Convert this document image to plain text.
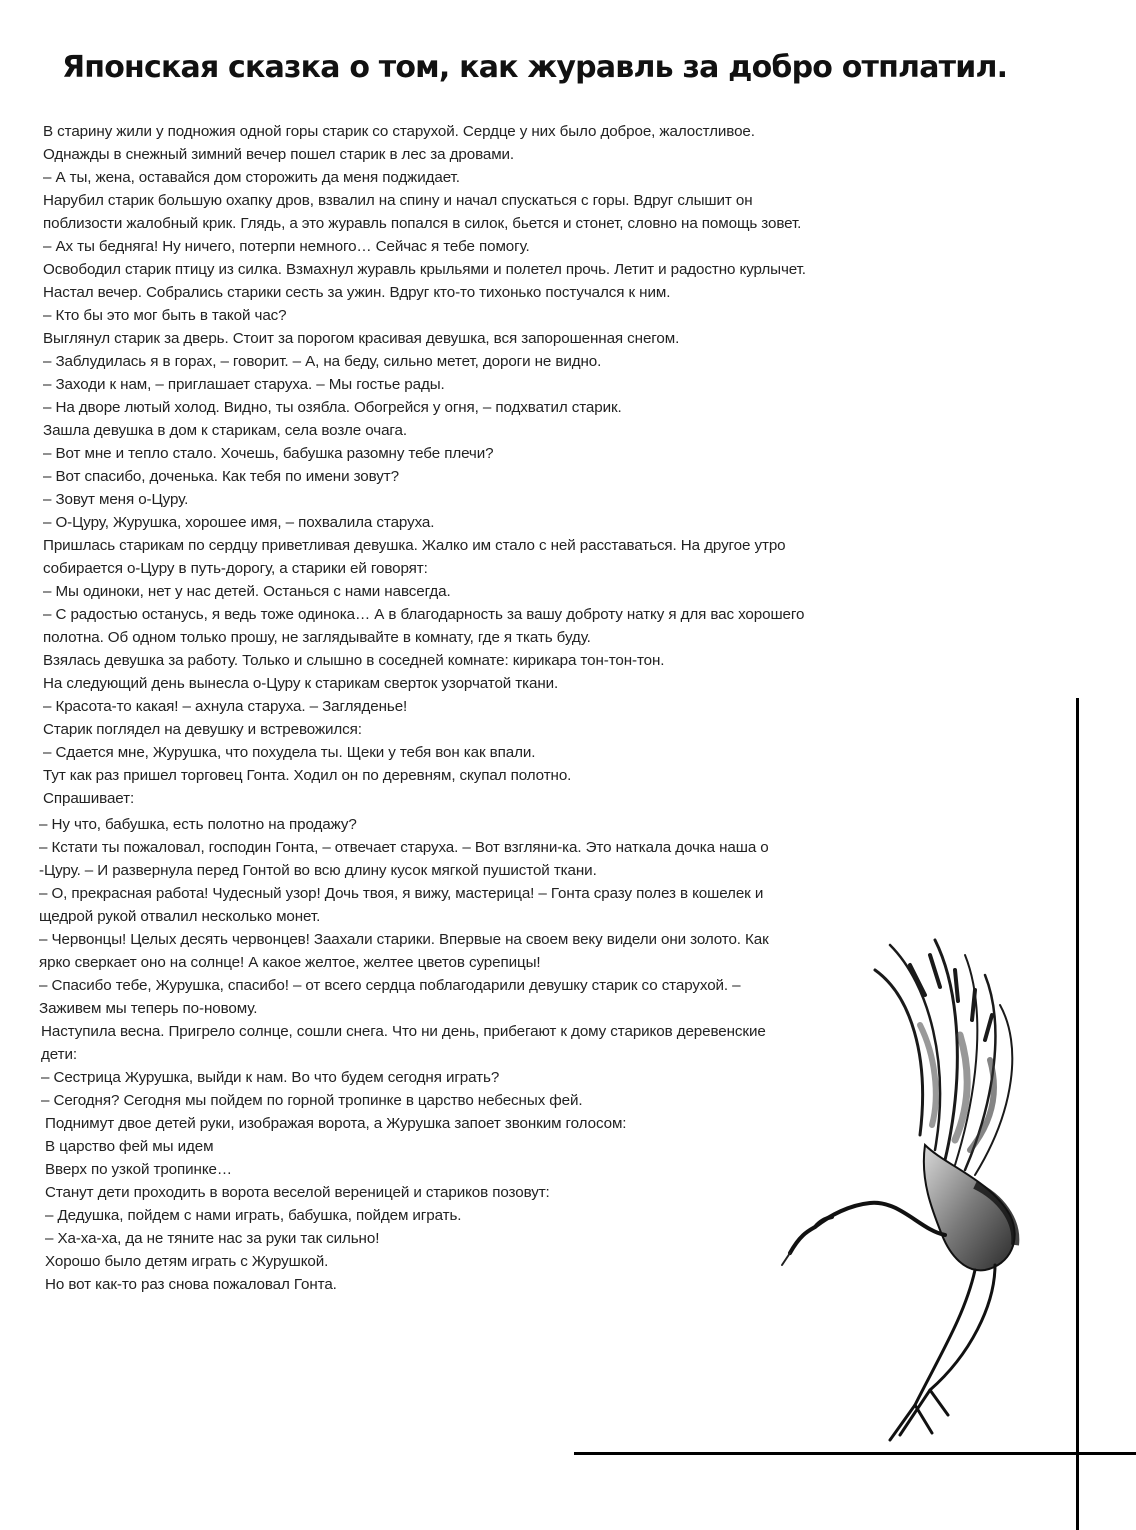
Японская сказка о том, как журавль за добро отплатил.

В старину жили у подножия одной горы старик со старухой. Сердце у них было доброе, жалостливое.

Однажды в снежный зимний вечер пошел старик в лес за дровами.

– А ты, жена, оставайся дом сторожить да меня поджидает.

Нарубил старик большую охапку дров, взвалил на спину и начал спускаться с горы. Вдруг слышит он

поблизости жалобный крик. Глядь, а это журавль попался в силок, бьется и стонет, словно на помощь зовет.

– Ах ты бедняга! Ну ничего, потерпи немного… Сейчас я тебе помогу.

Освободил старик птицу из силка. Взмахнул журавль крыльями и полетел прочь. Летит и радостно курлычет.

Настал вечер. Собрались старики сесть за ужин. Вдруг кто-то тихонько постучался к ним.

– Кто бы это мог быть в такой час?

Выглянул старик за дверь. Стоит за порогом красивая девушка, вся запорошенная снегом.

– Заблудилась я в горах, – говорит. – А, на беду, сильно метет, дороги не видно.

– Заходи к нам, – приглашает старуха. – Мы гостье рады.

– На дворе лютый холод. Видно, ты озябла. Обогрейся у огня, – подхватил старик.

Зашла девушка в дом к старикам, села возле очага.

– Вот мне и тепло стало. Хочешь, бабушка разомну тебе плечи?

– Вот спасибо, доченька. Как тебя по имени зовут?

– Зовут меня о-Цуру.

– О-Цуру, Журушка, хорошее имя, – похвалила старуха.

Пришлась старикам по сердцу приветливая девушка. Жалко им стало с ней расставаться. На другое утро

собирается о-Цуру в путь-дорогу, а старики ей говорят:

– Мы одиноки, нет у нас детей. Останься с нами навсегда.

– С радостью останусь, я ведь тоже одинока… А в благодарность за вашу доброту натку я для вас хорошего

полотна. Об одном только прошу, не заглядывайте в комнату, где я ткать буду.

Взялась девушка за работу. Только и слышно в соседней комнате: кирикара тон-тон-тон.

На следующий день вынесла о-Цуру к старикам сверток узорчатой ткани.

– Красота-то какая! – ахнула старуха. – Загляденье!

Старик поглядел на девушку и встревожился:

– Сдается мне, Журушка, что похудела ты. Щеки у тебя вон как впали.

Тут как раз пришел торговец Гонта. Ходил он по деревням, скупал полотно.

Спрашивает:

– Ну что, бабушка, есть полотно на продажу?

– Кстати ты пожаловал, господин Гонта, – отвечает старуха. – Вот взгляни-ка. Это наткала дочка наша о

-Цуру. – И развернула перед Гонтой во всю длину кусок мягкой пушистой ткани.

– О, прекрасная работа! Чудесный узор! Дочь твоя, я вижу, мастерица! – Гонта сразу полез в кошелек и

щедрой рукой отвалил несколько монет.

– Червонцы! Целых десять червонцев! Заахали старики. Впервые на своем веку видели они золото. Как

ярко сверкает оно на солнце! А какое желтое, желтее цветов сурепицы!

– Спасибо тебе, Журушка, спасибо! – от всего сердца поблагодарили девушку старик со старухой. –

Заживем мы теперь по-новому.

Наступила весна. Пригрело солнце, сошли снега. Что ни день, прибегают к дому стариков деревенские

дети:

– Сестрица Журушка, выйди к нам. Во что будем сегодня играть?

– Сегодня? Сегодня мы пойдем по горной тропинке в царство небесных фей.

Поднимут двое детей руки, изображая ворота, а Журушка запоет звонким голосом:

В царство фей мы идем

Вверх по узкой тропинке…

Станут дети проходить в ворота веселой вереницей и стариков позовут:

– Дедушка, пойдем с нами играть, бабушка, пойдем играть.

– Ха-ха-ха, да не тяните нас за руки так сильно!

Хорошо было детям играть с Журушкой.

Но вот как-то раз снова пожаловал Гонта.
